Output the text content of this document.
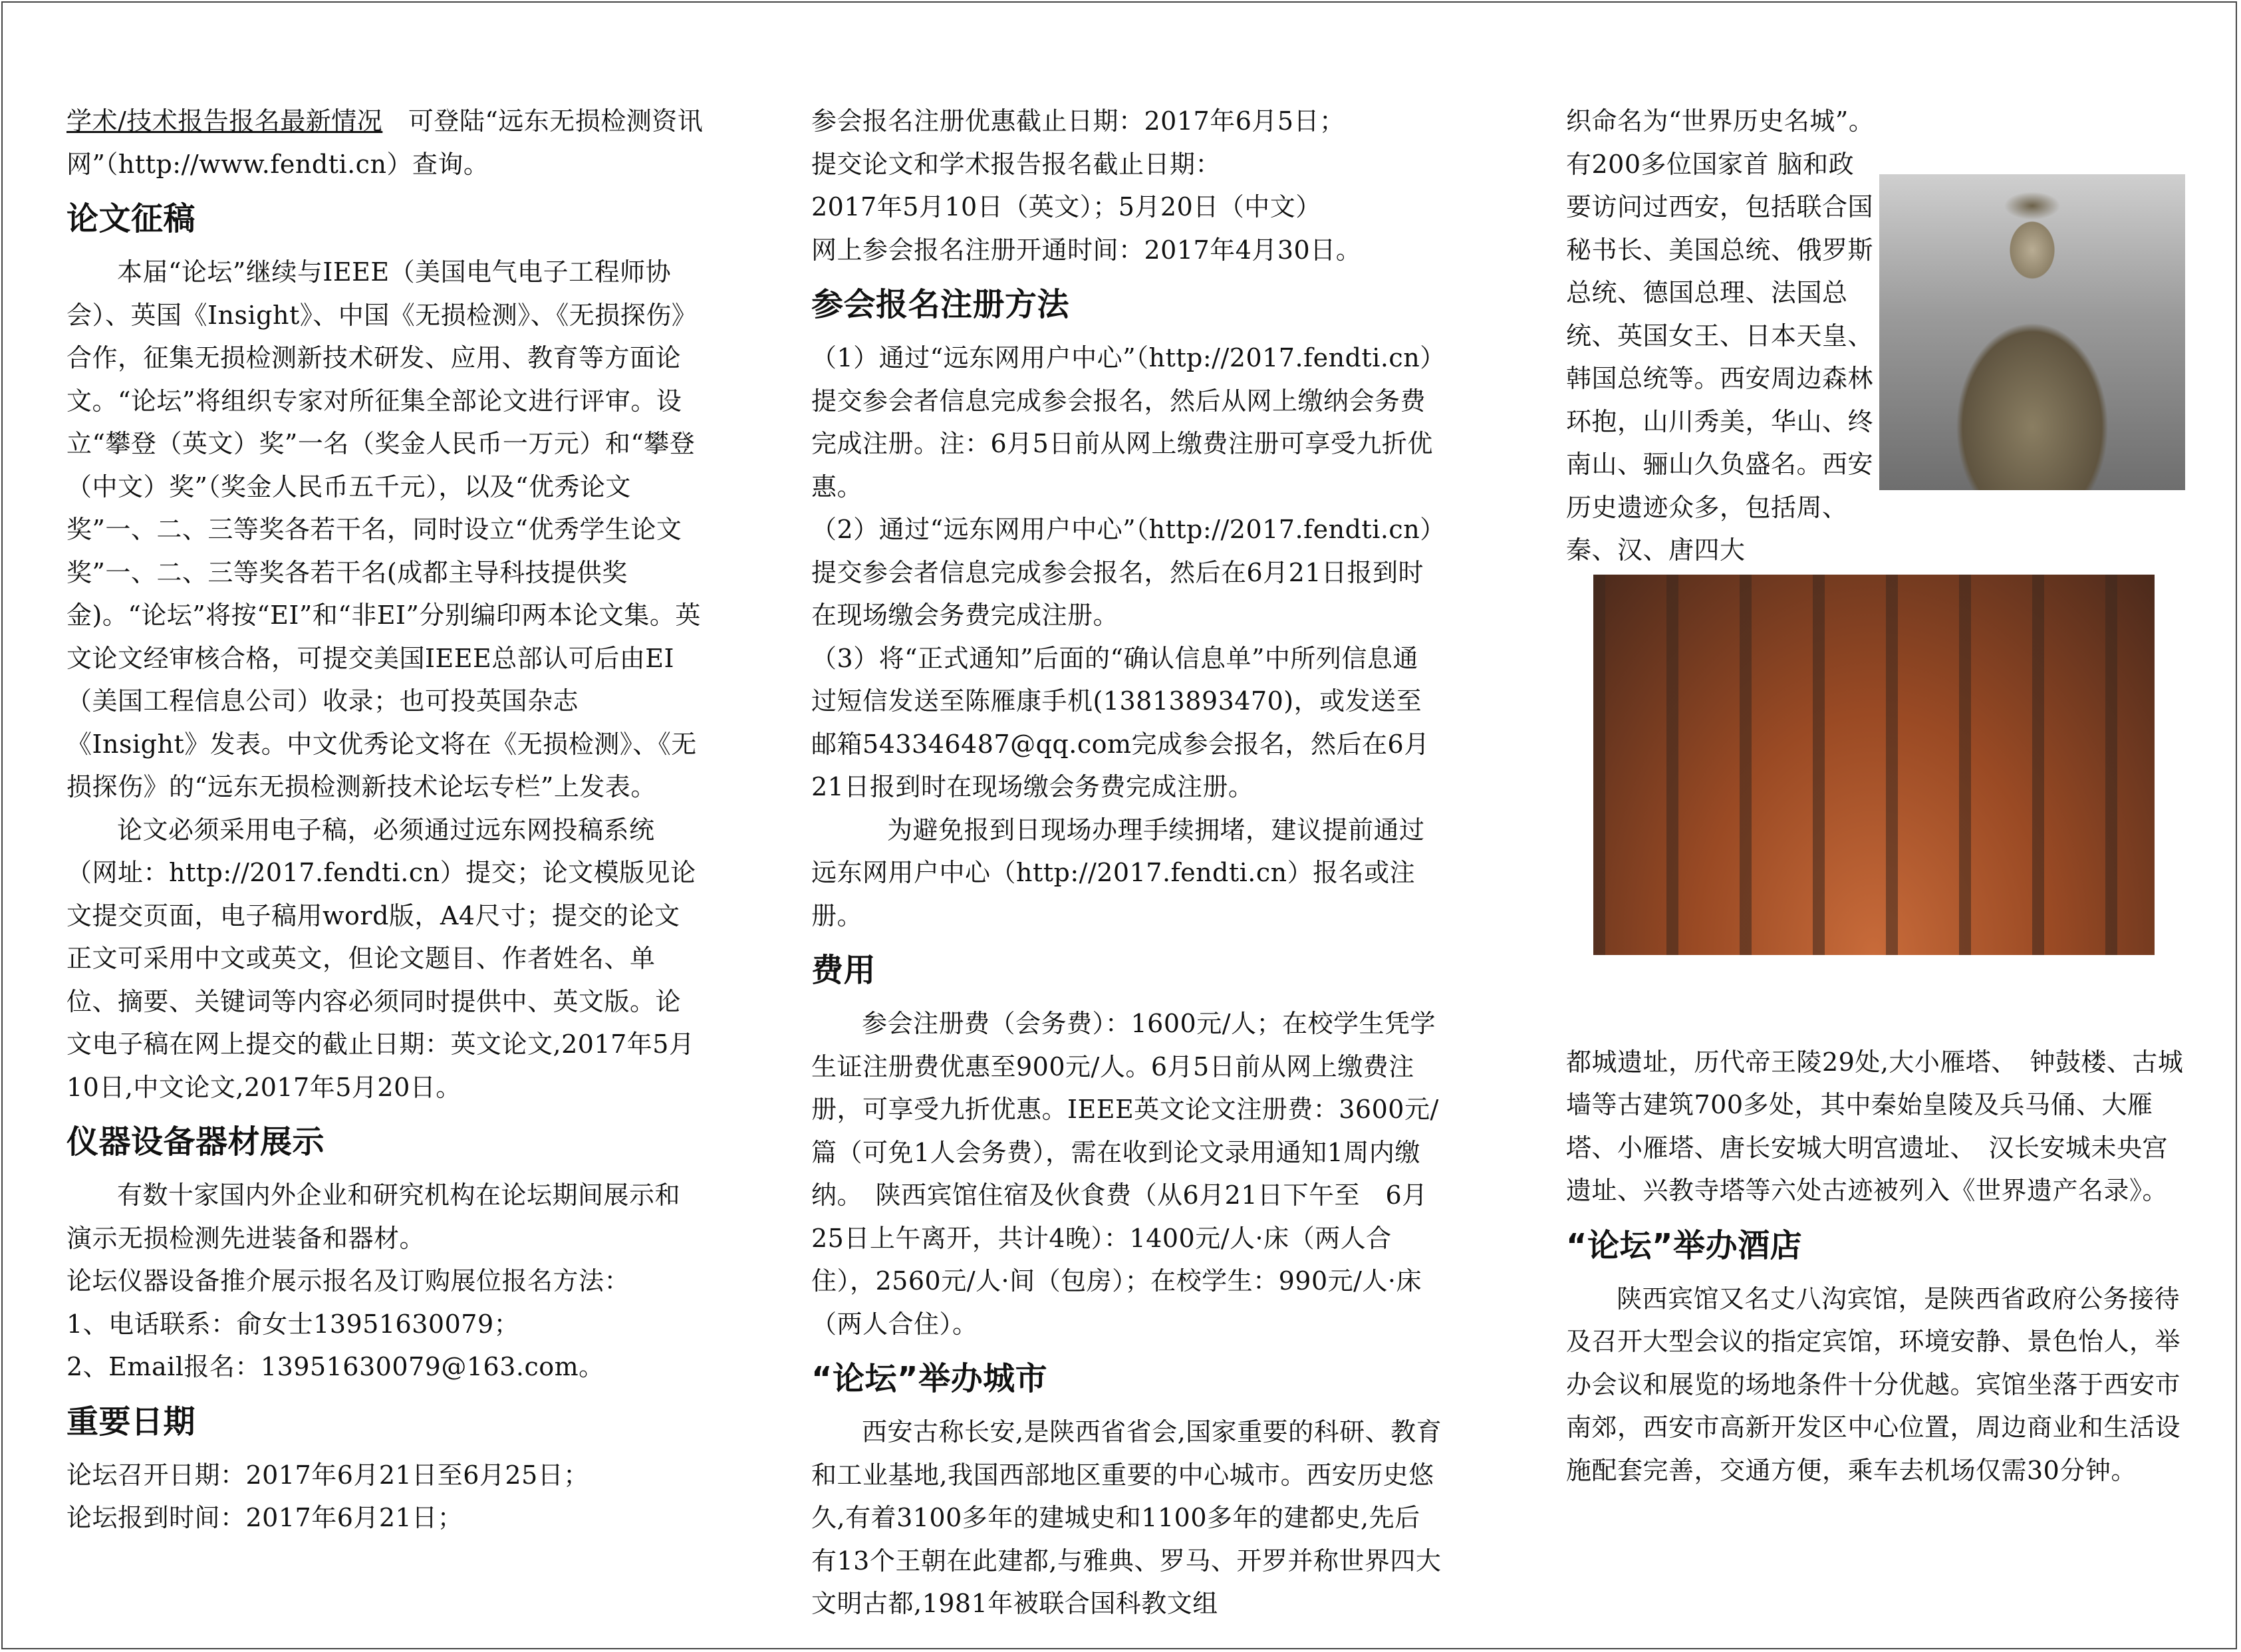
学术/技术报告报名最新情况　可登陆“远东无损检测资讯网”（http://www.fendti.cn）查询。

论文征稿

本届“论坛”继续与IEEE（美国电气电子工程师协会）、英国《Insight》、中国《无损检测》、《无损探伤》合作，征集无损检测新技术研发、应用、教育等方面论文。“论坛”将组织专家对所征集全部论文进行评审。设立“攀登（英文）奖”一名（奖金人民币一万元）和“攀登（中文）奖”（奖金人民币五千元），以及“优秀论文奖”一、二、三等奖各若干名，同时设立“优秀学生论文奖”一、二、三等奖各若干名(成都主导科技提供奖金)。“论坛”将按“EI”和“非EI”分别编印两本论文集。英文论文经审核合格，可提交美国IEEE总部认可后由EI（美国工程信息公司）收录；也可投英国杂志《Insight》发表。中文优秀论文将在《无损检测》、《无损探伤》的“远东无损检测新技术论坛专栏”上发表。

论文必须采用电子稿，必须通过远东网投稿系统（网址：http://2017.fendti.cn）提交；论文模版见论文提交页面，电子稿用word版，A4尺寸；提交的论文正文可采用中文或英文，但论文题目、作者姓名、单位、摘要、关键词等内容必须同时提供中、英文版。论文电子稿在网上提交的截止日期：英文论文,2017年5月10日,中文论文,2017年5月20日。

仪器设备器材展示

有数十家国内外企业和研究机构在论坛期间展示和演示无损检测先进装备和器材。

论坛仪器设备推介展示报名及订购展位报名方法：

1、电话联系：俞女士13951630079；

2、Email报名：13951630079@163.com。

重要日期

论坛召开日期：2017年6月21日至6月25日；

论坛报到时间：2017年6月21日；

参会报名注册优惠截止日期：2017年6月5日；

提交论文和学术报告报名截止日期：

2017年5月10日（英文）；5月20日（中文）

网上参会报名注册开通时间：2017年4月30日。

参会报名注册方法

（1）通过“远东网用户中心”（http://2017.fendti.cn）提交参会者信息完成参会报名，然后从网上缴纳会务费完成注册。注：6月5日前从网上缴费注册可享受九折优惠。

（2）通过“远东网用户中心”（http://2017.fendti.cn）提交参会者信息完成参会报名，然后在6月21日报到时在现场缴会务费完成注册。

（3）将“正式通知”后面的“确认信息单”中所列信息通过短信发送至陈雁康手机(13813893470)，或发送至邮箱543346487@qq.com完成参会报名，然后在6月21日报到时在现场缴会务费完成注册。

为避免报到日现场办理手续拥堵，建议提前通过远东网用户中心（http://2017.fendti.cn）报名或注册。

费用

参会注册费（会务费）：1600元/人；在校学生凭学生证注册费优惠至900元/人。6月5日前从网上缴费注册，可享受九折优惠。IEEE英文论文注册费：3600元/篇（可免1人会务费），需在收到论文录用通知1周内缴纳。　陕西宾馆住宿及伙食费（从6月21日下午至　6月25日上午离开，共计4晚）：1400元/人·床（两人合住），2560元/人·间（包房）；在校学生：990元/人·床（两人合住）。

“论坛”举办城市

西安古称长安,是陕西省省会,国家重要的科研、教育和工业基地,我国西部地区重要的中心城市。西安历史悠久,有着3100多年的建城史和1100多年的建都史,先后有13个王朝在此建都,与雅典、罗马、开罗并称世界四大文明古都,1981年被联合国科教文组

织命名为“世界历史名城”。

有200多位国家首 脑和政要访问过西安，包括联合国秘书长、美国总统、俄罗斯总统、德国总理、法国总统、英国女王、日本天皇、韩国总统等。西安周边森林环抱，山川秀美，华山、终南山、骊山久负盛名。西安历史遗迹众多，包括周、秦、汉、唐四大

都城遗址，历代帝王陵29处,大小雁塔、　钟鼓楼、古城墙等古建筑700多处，其中秦始皇陵及兵马俑、大雁塔、小雁塔、唐长安城大明宫遗址、　汉长安城未央宫遗址、兴教寺塔等六处古迹被列入《世界遗产名录》。

“论坛”举办酒店

陕西宾馆又名丈八沟宾馆，是陕西省政府公务接待及召开大型会议的指定宾馆，环境安静、景色怡人，举办会议和展览的场地条件十分优越。宾馆坐落于西安市南郊，西安市高新开发区中心位置，周边商业和生活设施配套完善，交通方便，乘车去机场仅需30分钟。
